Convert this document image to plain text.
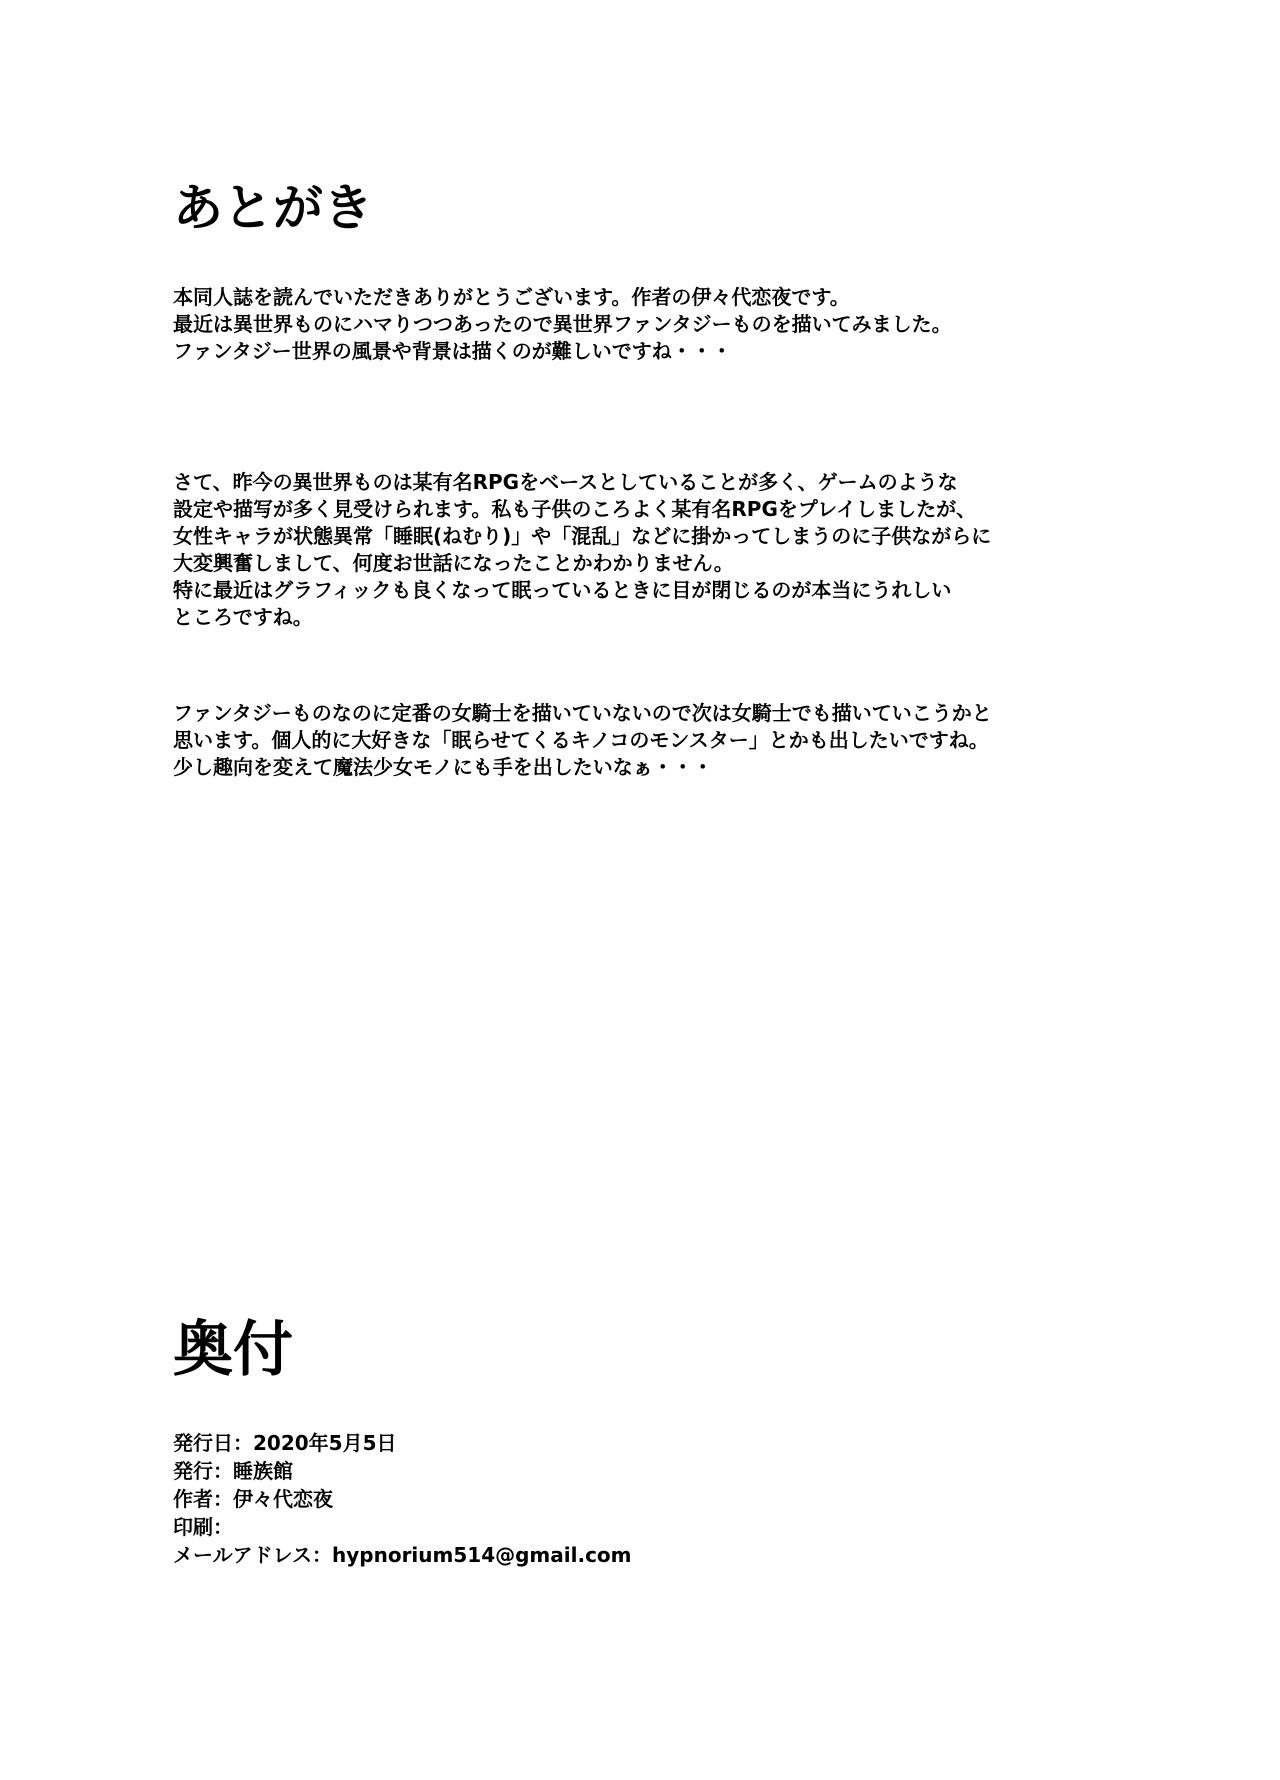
あとがき
本同人誌を読んでいただきありがとうございます。作者の伊々代恋夜です。
最近は異世界ものにハマりつつあったので異世界ファンタジーものを描いてみました。
ファンタジー世界の風景や背景は描くのが難しいですね・・・
さて、昨今の異世界ものは某有名RPGをベースとしていることが多く、ゲームのような
設定や描写が多く見受けられます。私も子供のころよく某有名RPGをプレイしましたが、
女性キャラが状態異常「睡眠(ねむり)」や「混乱」などに掛かってしまうのに子供ながらに
大変興奮しまして、何度お世話になったことかわかりません。
特に最近はグラフィックも良くなって眠っているときに目が閉じるのが本当にうれしい
ところですね。
ファンタジーものなのに定番の女騎士を描いていないので次は女騎士でも描いていこうかと
思います。個人的に大好きな「眠らせてくるキノコのモンスター」とかも出したいですね。
少し趣向を変えて魔法少女モノにも手を出したいなぁ・・・
奥付
発行日：2020年5月5日
発行：睡族館
作者：伊々代恋夜
印刷：
メールアドレス：hypnorium514@gmail.com
